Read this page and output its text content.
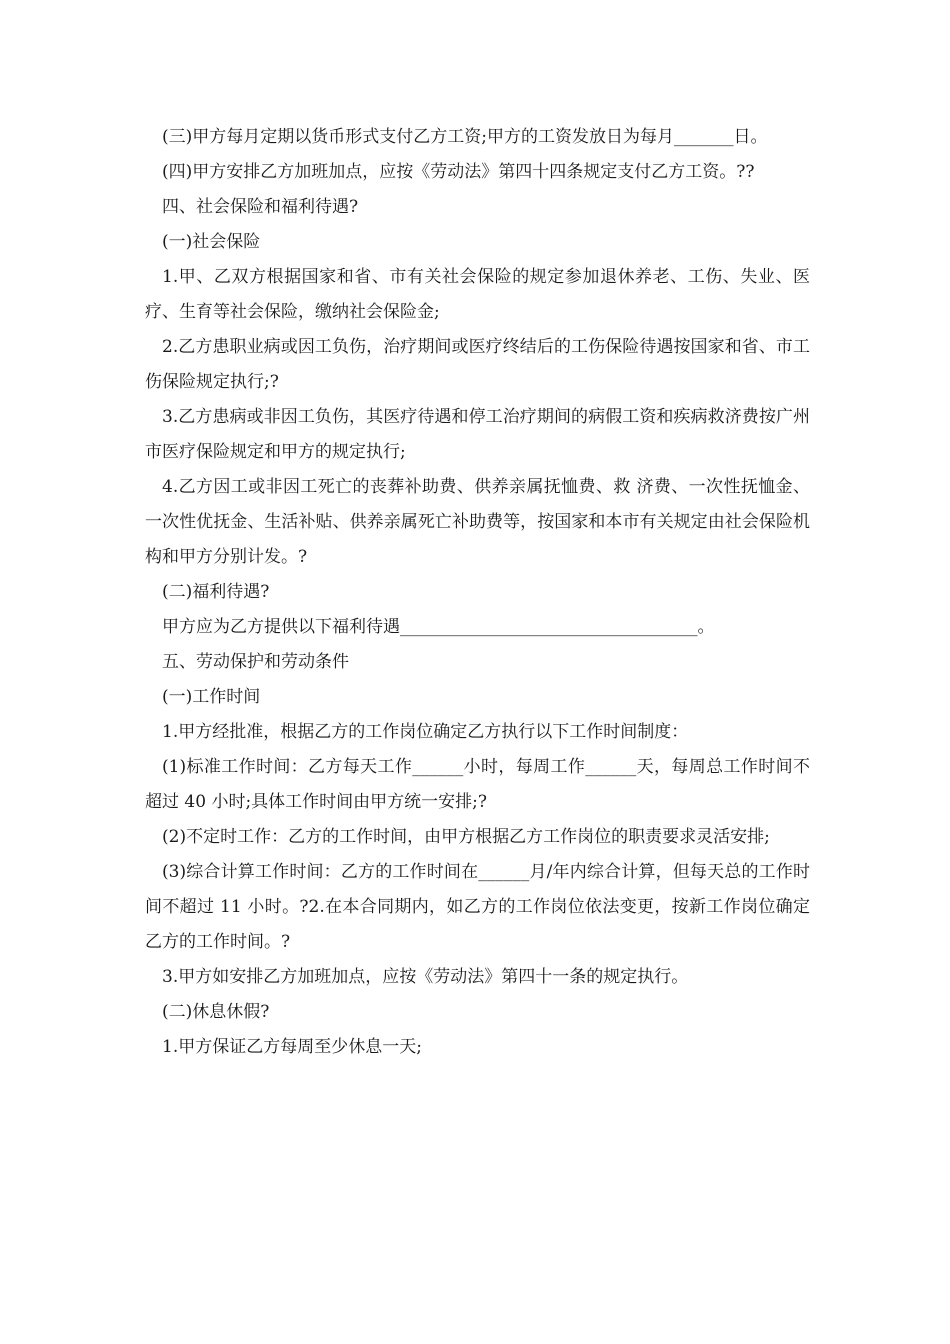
(三)甲方每月定期以货币形式支付乙方工资;甲方的工资发放日为每月_______日。

(四)甲方安排乙方加班加点，应按《劳动法》第四十四条规定支付乙方工资。??

四、社会保险和福利待遇?

(一)社会保险

1.甲、乙双方根据国家和省、市有关社会保险的规定参加退休养老、工伤、失业、医疗、生育等社会保险，缴纳社会保险金;

2.乙方患职业病或因工负伤，治疗期间或医疗终结后的工伤保险待遇按国家和省、市工伤保险规定执行;?

3.乙方患病或非因工负伤，其医疗待遇和停工治疗期间的病假工资和疾病救济费按广州市医疗保险规定和甲方的规定执行;

4.乙方因工或非因工死亡的丧葬补助费、供养亲属抚恤费、救 济费、一次性抚恤金、一次性优抚金、生活补贴、供养亲属死亡补助费等，按国家和本市有关规定由社会保险机构和甲方分别计发。?

(二)福利待遇?

甲方应为乙方提供以下福利待遇___________________________________。

五、劳动保护和劳动条件

(一)工作时间

1.甲方经批准，根据乙方的工作岗位确定乙方执行以下工作时间制度：

(1)标准工作时间：乙方每天工作______小时，每周工作______天，每周总工作时间不超过 40 小时;具体工作时间由甲方统一安排;?

(2)不定时工作：乙方的工作时间，由甲方根据乙方工作岗位的职责要求灵活安排;

(3)综合计算工作时间：乙方的工作时间在______月/年内综合计算，但每天总的工作时 间不超过 11 小时。?2.在本合同期内，如乙方的工作岗位依法变更，按新工作岗位确定乙方的工作时间。?

3.甲方如安排乙方加班加点，应按《劳动法》第四十一条的规定执行。

(二)休息休假?

1.甲方保证乙方每周至少休息一天;
